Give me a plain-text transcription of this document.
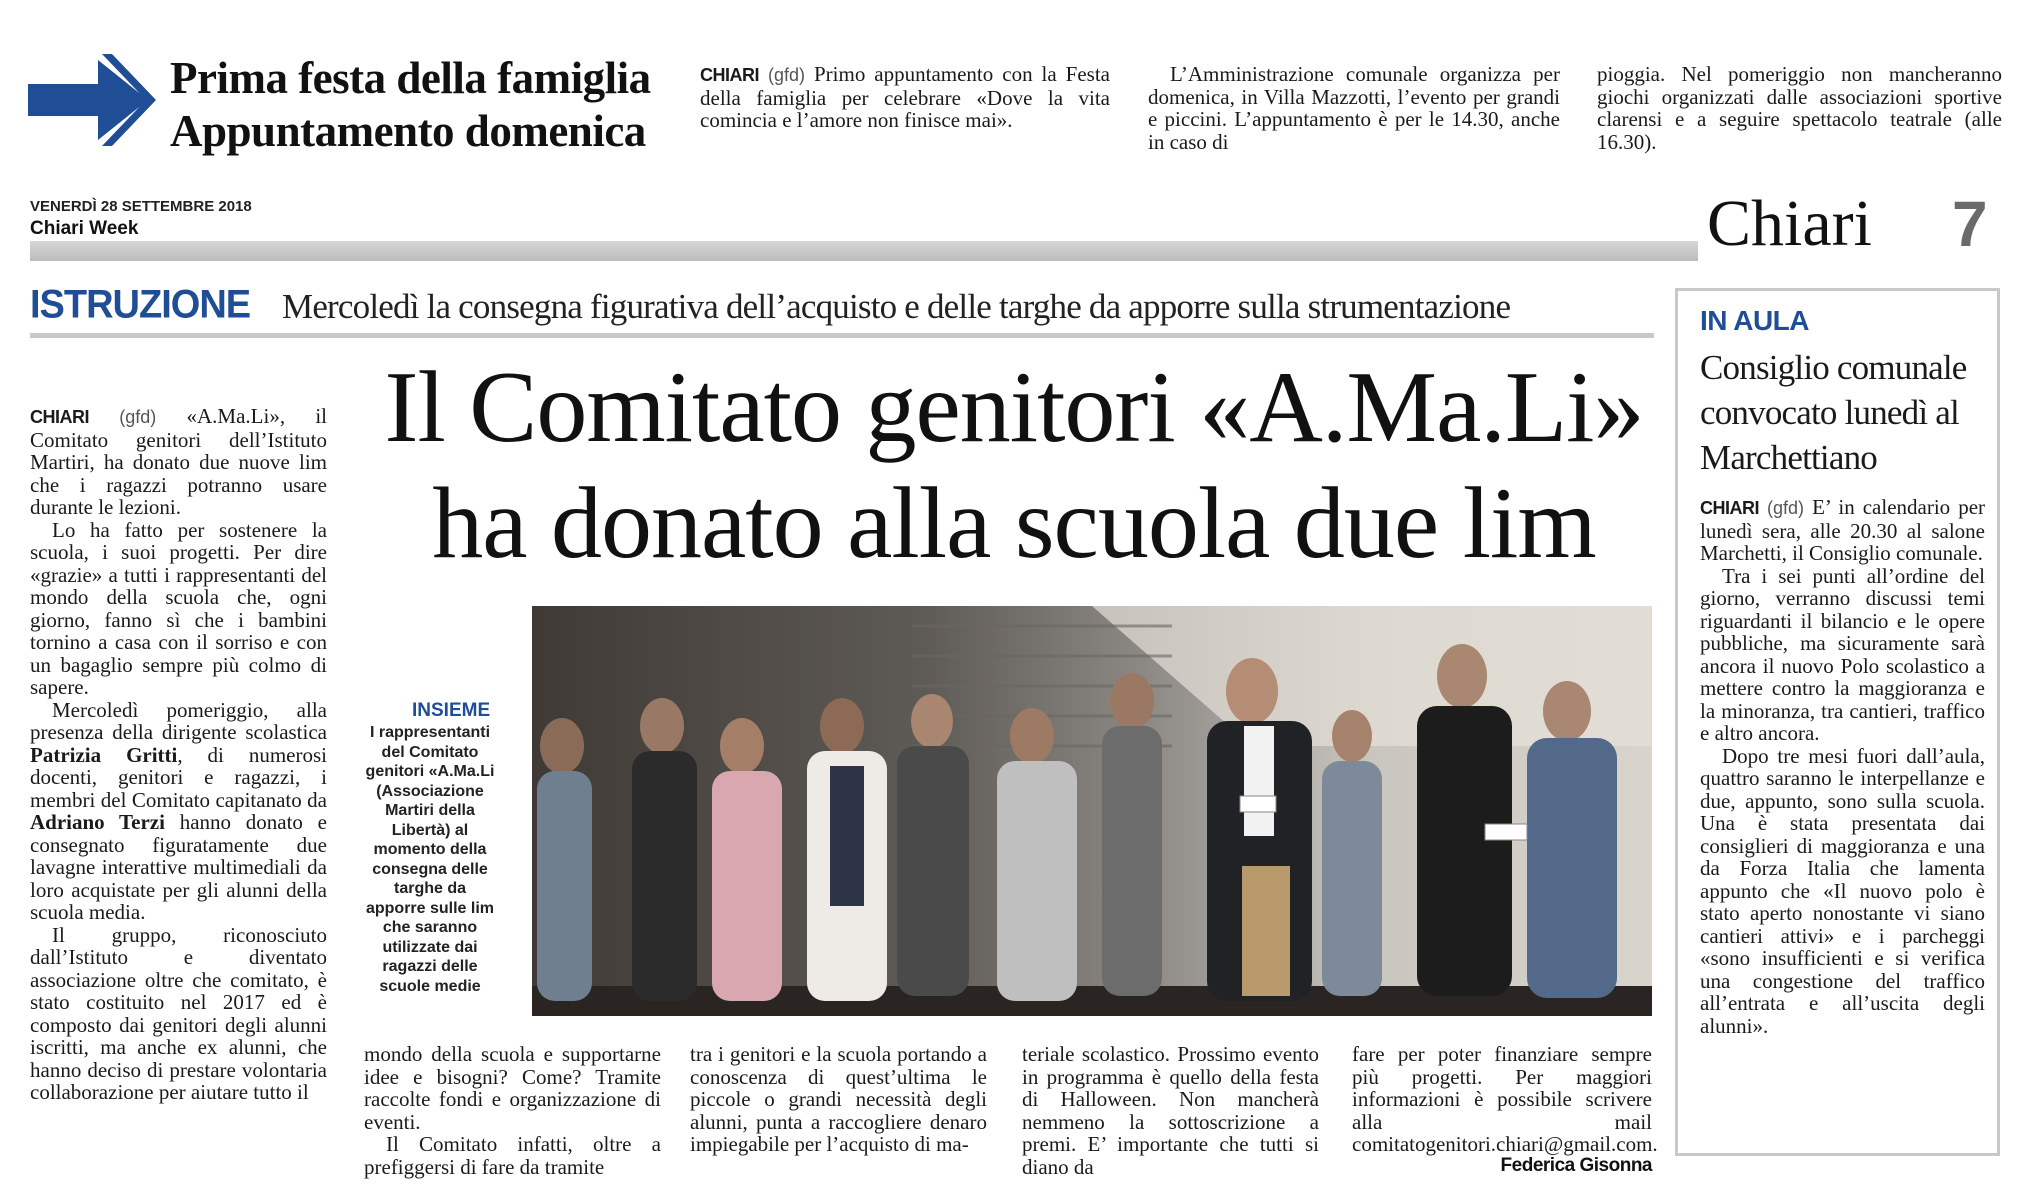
Prima festa della famiglia
Appuntamento domenica
CHIARI (gfd) Primo appuntamento con la Festa della famiglia per celebrare «Dove la vita comincia e l’amore non finisce mai».
L’Amministrazione comunale organizza per domenica, in Villa Mazzotti, l’evento per grandi e piccini. L’appuntamento è per le 14.30, anche in caso di
pioggia. Nel pomeriggio non mancheranno giochi organizzati dalle associazioni sportive clarensi e a seguire spettacolo teatrale (alle 16.30).
VENERDÌ 28 SETTEMBRE 2018
Chiari Week	Chiari 7
ISTRUZIONE Mercoledì la consegna figurativa dell’acquisto e delle targhe da apporre sulla strumentazione
Il Comitato genitori «A.Ma.Li»
ha donato alla scuola due lim

CHIARI (gfd) «A.Ma.Li», il Comitato genitori dell’Istituto Martiri, ha donato due nuove lim che i ragazzi potranno usare durante le lezioni.

Lo ha fatto per sostenere la scuola, i suoi progetti. Per dire «grazie» a tutti i rappresentanti del mondo della scuola che, ogni giorno, fanno sì che i bambini tornino a casa con il sorriso e con un bagaglio sempre più colmo di sapere.

Mercoledì pomeriggio, alla presenza della dirigente scolastica Patrizia Gritti, di numerosi docenti, genitori e ragazzi, i membri del Comitato capitanato da Adriano Terzi hanno donato e consegnato figuratamente due lavagne interattive multimediali da loro acquistate per gli alunni della scuola media.

Il gruppo, riconosciuto dall’Istituto e diventato associazione oltre che comitato, è stato costituito nel 2017 ed è composto dai genitori degli alunni iscritti, ma anche ex alunni, che hanno deciso di prestare volontaria collaborazione per aiutare tutto il

INSIEME
I rappresentanti del Comitato genitori «A.Ma.Li (Associazione Martiri della Libertà) al momento della consegna delle targhe da apporre sulle lim che saranno utilizzate dai ragazzi delle scuole medie

mondo della scuola e supportarne idee e bisogni? Come? Tramite raccolte fondi e organizzazione di eventi.

Il Comitato infatti, oltre a prefiggersi di fare da tramite

tra i genitori e la scuola portando a conoscenza di quest’ultima le piccole o grandi necessità degli alunni, punta a raccogliere denaro impiegabile per l’acquisto di ma-
teriale scolastico. Prossimo evento in programma è quello della festa di Halloween. Non mancherà nemmeno la sottoscrizione a premi. E’ importante che tutti si diano da
fare per poter finanziare sempre più progetti. Per maggiori informazioni è possibile scrivere alla mail comitatogenitori.chiari@gmail.com.
Federica Gisonna
IN AULA
Consiglio comunale convocato lunedì al Marchettiano

CHIARI (gfd) E’ in calendario per lunedì sera, alle 20.30 al salone Marchetti, il Consiglio comunale.

Tra i sei punti all’ordine del giorno, verranno discussi temi riguardanti il bilancio e le opere pubbliche, ma sicuramente sarà ancora il nuovo Polo scolastico a mettere contro la maggioranza e la minoranza, tra cantieri, traffico e altro ancora.

Dopo tre mesi fuori dall’aula, quattro saranno le interpellanze e due, appunto, sono sulla scuola. Una è stata presentata dai consiglieri di maggioranza e una da Forza Italia che lamenta appunto che «Il nuovo polo è stato aperto nonostante vi siano cantieri attivi» e i parcheggi «sono insufficienti e si verifica una congestione del traffico all’entrata e all’uscita degli alunni».
